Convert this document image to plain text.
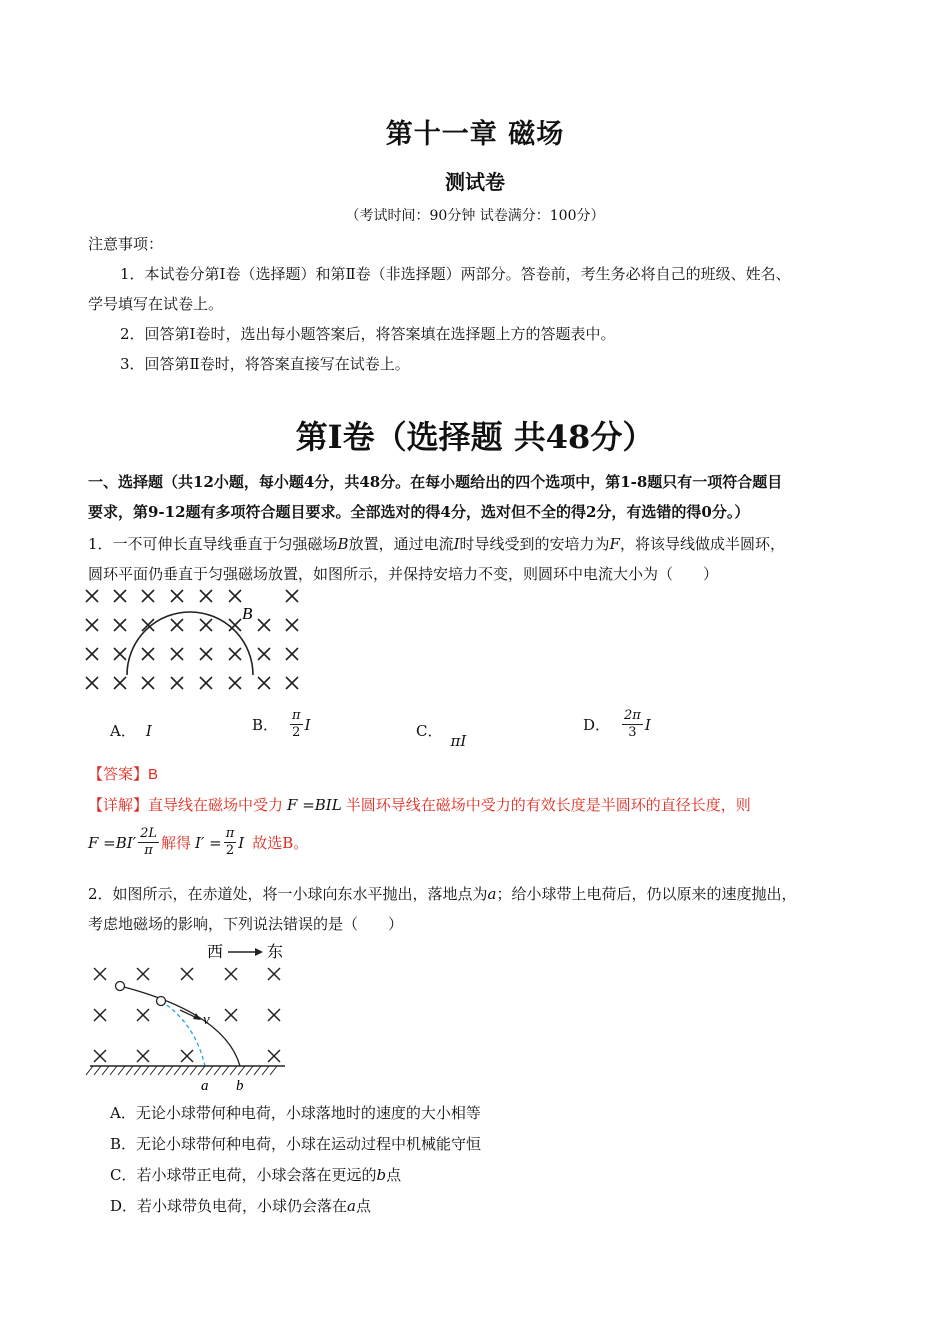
第十一章 磁场
测试卷
（考试时间：90分钟 试卷满分：100分）
注意事项：
1．本试卷分第Ⅰ卷（选择题）和第Ⅱ卷（非选择题）两部分。答卷前，考生务必将自己的班级、姓名、
学号填写在试卷上。
2．回答第Ⅰ卷时，选出每小题答案后，将答案填在选择题上方的答题表中。
3．回答第Ⅱ卷时，将答案直接写在试卷上。
第Ⅰ卷（选择题 共48分）
一、选择题（共12小题，每小题4分，共48分。在每小题给出的四个选项中，第1-8题只有一项符合题目
要求，第9-12题有多项符合题目要求。全部选对的得4分，选对但不全的得2分，有选错的得0分。）
1．一不可伸长直导线垂直于匀强磁场B放置，通过电流I时导线受到的安培力为F，将该导线做成半圆环，
圆环平面仍垂直于匀强磁场放置，如图所示，并保持安培力不变，则圆环中电流大小为（　　）
B
A． I	B． $\frac{\pi}{2}$ I	C．πI
D． $\frac{2\pi}{3}$ I
【答案】B
【详解】直导线在磁场中受力 F =BIL 半圆环导线在磁场中受力的有效长度是半圆环的直径长度，则
$F =BI' \frac{2L}{\pi}$ 解得 $I' = \frac{\pi}{2}$ I 故选B。
2．如图所示，在赤道处，将一小球向东水平抛出，落地点为a；给小球带上电荷后，仍以原来的速度抛出，
考虑地磁场的影响，下列说法错误的是（　　）
西	东
v
a b
A．无论小球带何种电荷，小球落地时的速度的大小相等
B．无论小球带何种电荷，小球在运动过程中机械能守恒
C．若小球带正电荷，小球会落在更远的b点
D．若小球带负电荷，小球仍会落在a点
